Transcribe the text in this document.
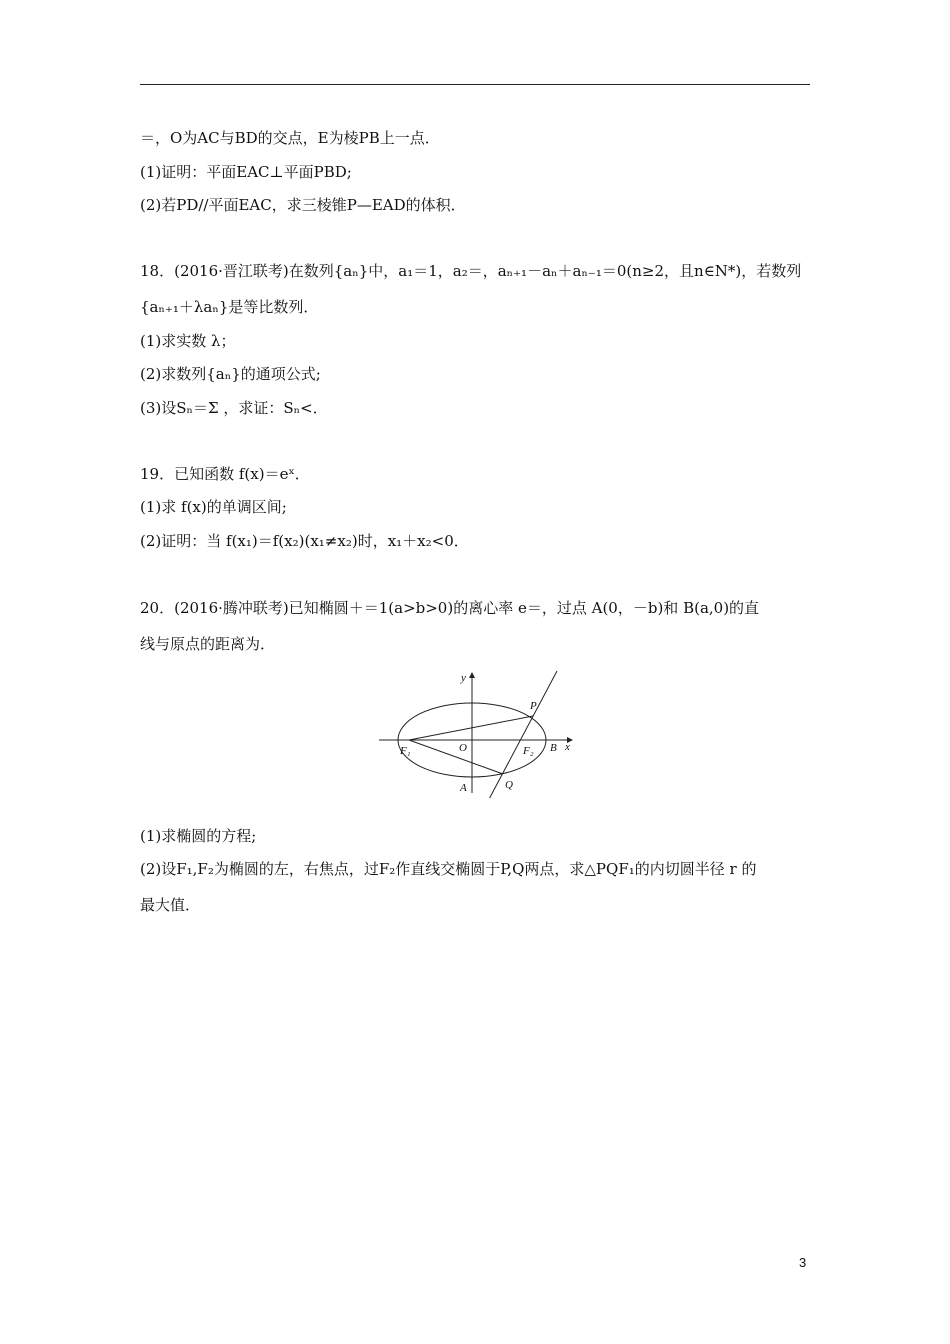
＝，O为AC与BD的交点，E为棱PB上一点．
(1)证明：平面EAC⊥平面PBD;
(2)若PD//平面EAC，求三棱锥P—EAD的体积．
18．(2016·晋江联考)在数列{aₙ}中，a₁＝1，a₂＝，aₙ₊₁－aₙ＋aₙ₋₁＝0(n≥2，且n∈N*)，若数列
{aₙ₊₁＋λaₙ}是等比数列．
(1)求实数 λ；
(2)求数列{aₙ}的通项公式;
(3)设Sₙ＝Σ ，求证：Sₙ<．
19．已知函数 f(x)＝eˣ．
(1)求 f(x)的单调区间;
(2)证明：当 f(x₁)＝f(x₂)(x₁≠x₂)时，x₁＋x₂<0．
20．(2016·腾冲联考)已知椭圆＋＝1(a>b>0)的离心率 e＝，过点 A(0，－b)和 B(a,0)的直
线与原点的距离为．
y
x
P
O
F₁	F₂ B
A	Q
(1)求椭圆的方程;
(2)设F₁,F₂为椭圆的左，右焦点，过F₂作直线交椭圆于P,Q两点，求△PQF₁的内切圆半径 r 的
最大值．
3
